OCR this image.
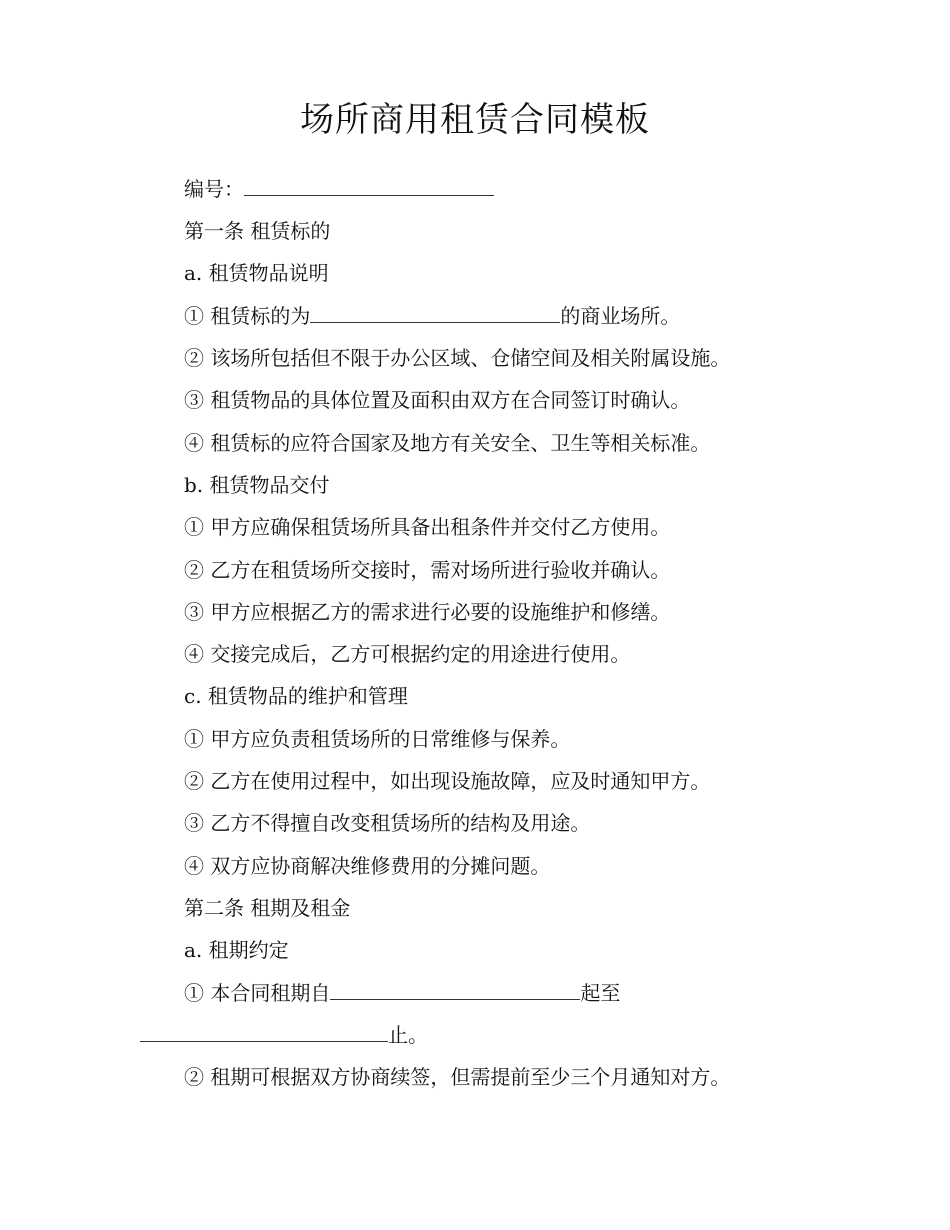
场所商用租赁合同模板

编号：

第一条 租赁标的

a. 租赁物品说明

① 租赁标的为	的商业场所。

② 该场所包括但不限于办公区域、仓储空间及相关附属设施。

③ 租赁物品的具体位置及面积由双方在合同签订时确认。

④ 租赁标的应符合国家及地方有关安全、卫生等相关标准。

b. 租赁物品交付

① 甲方应确保租赁场所具备出租条件并交付乙方使用。

② 乙方在租赁场所交接时，需对场所进行验收并确认。

③ 甲方应根据乙方的需求进行必要的设施维护和修缮。

④ 交接完成后，乙方可根据约定的用途进行使用。

c. 租赁物品的维护和管理

① 甲方应负责租赁场所的日常维修与保养。

② 乙方在使用过程中，如出现设施故障，应及时通知甲方。

③ 乙方不得擅自改变租赁场所的结构及用途。

④ 双方应协商解决维修费用的分摊问题。

第二条 租期及租金

a. 租期约定

① 本合同租期自	起至

止。

② 租期可根据双方协商续签，但需提前至少三个月通知对方。
